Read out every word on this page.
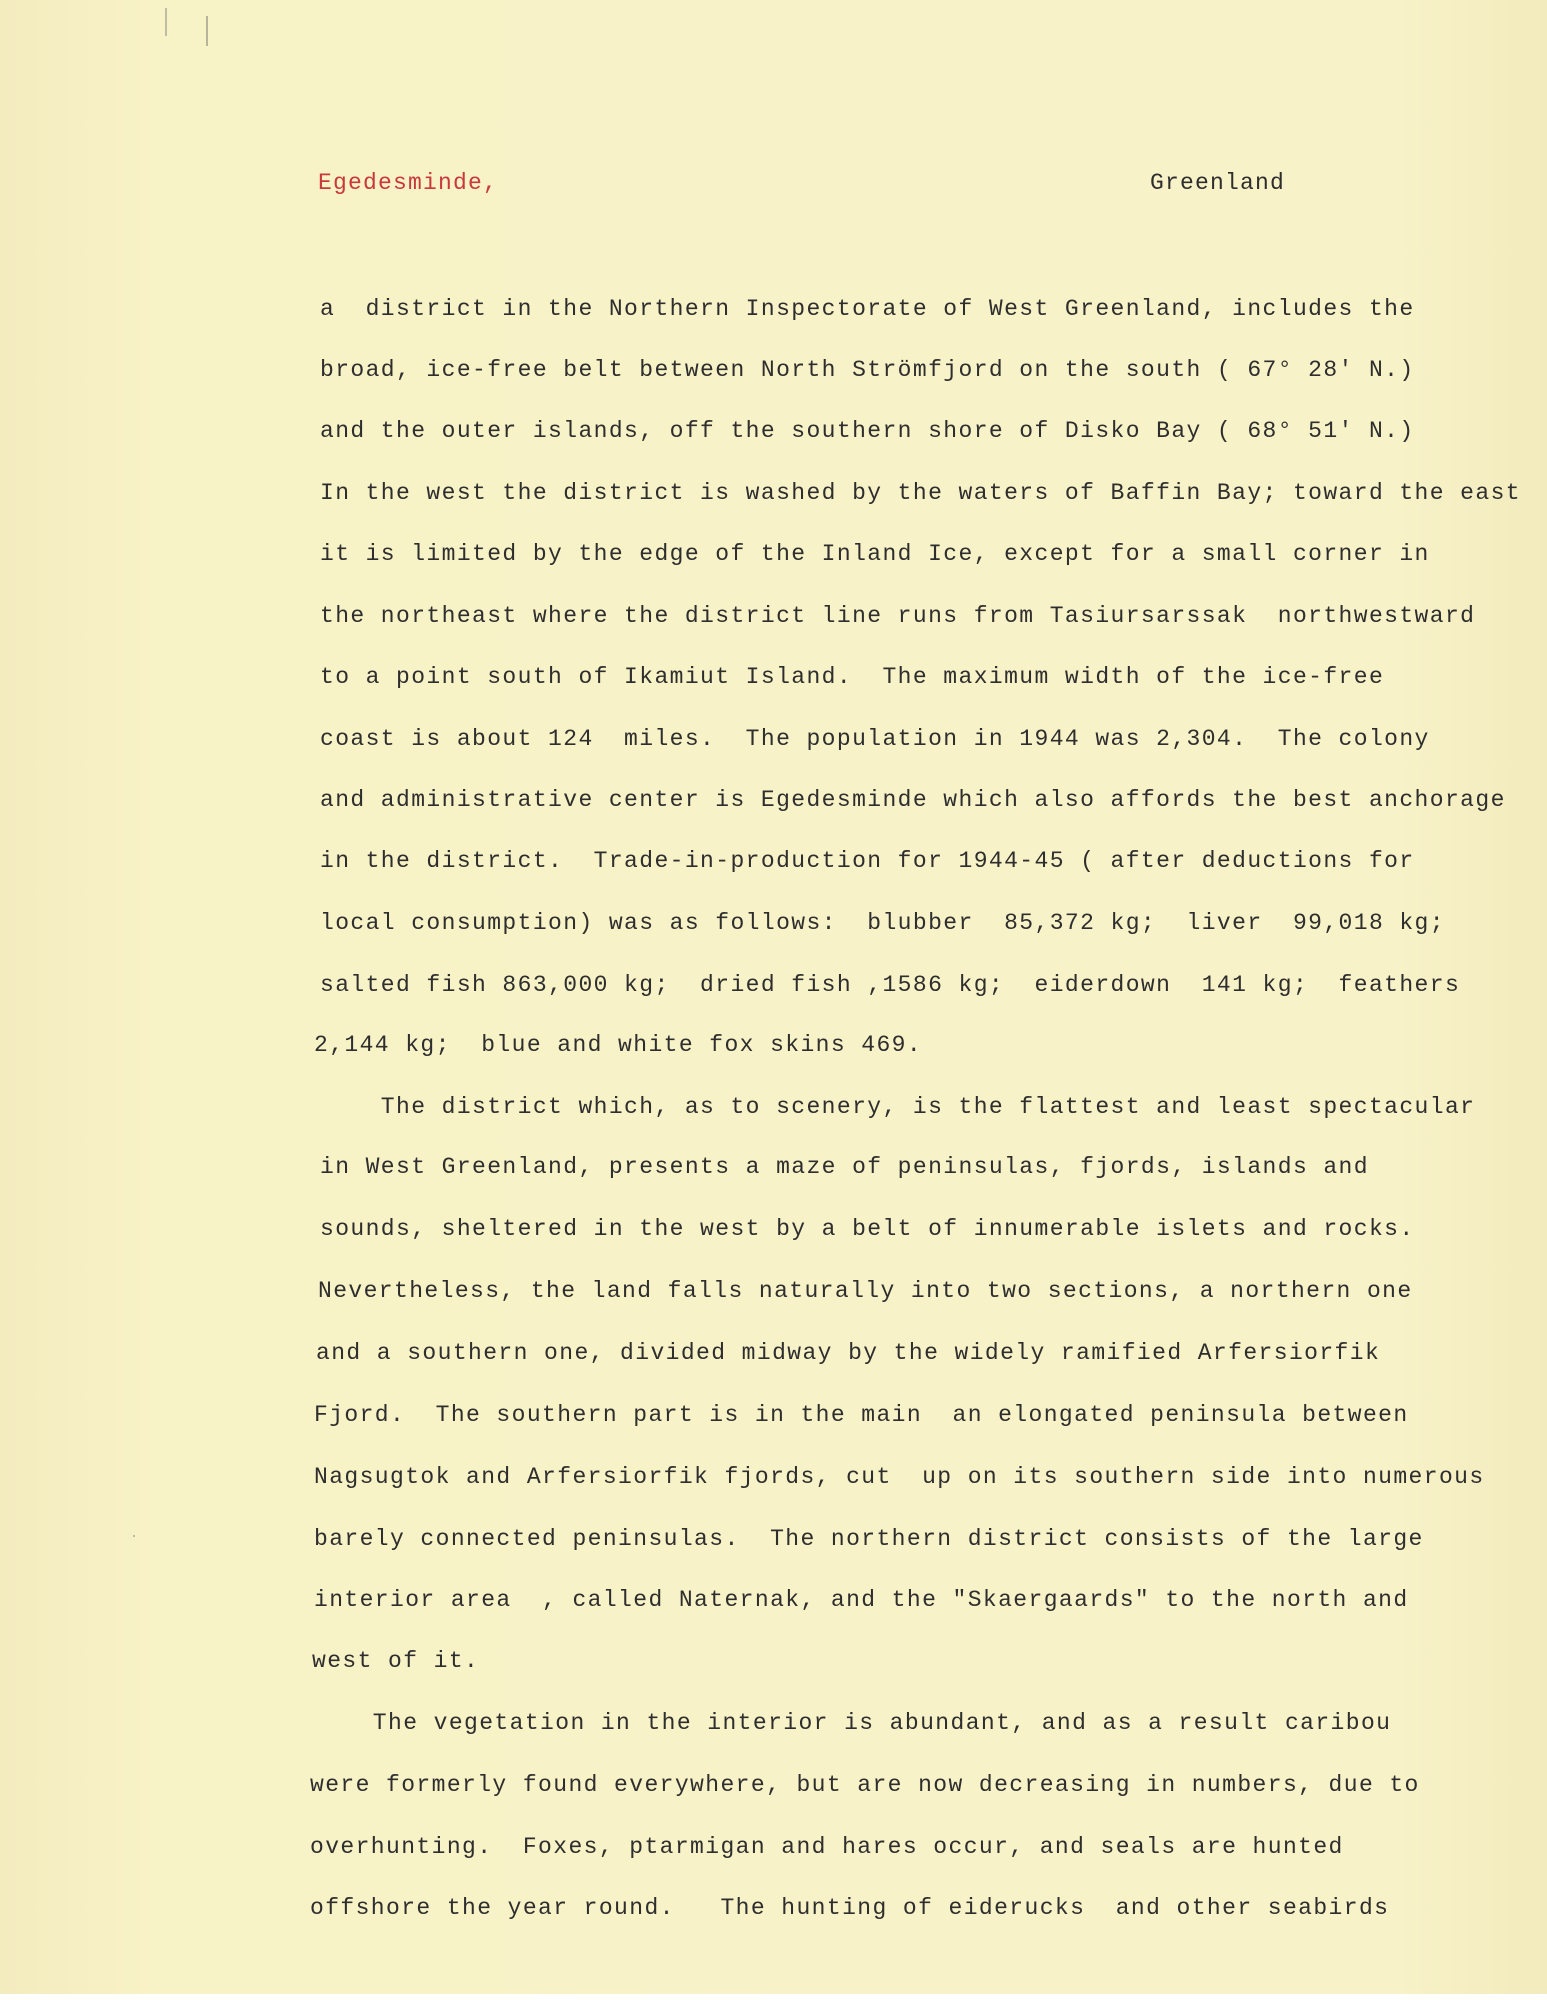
Egedesminde,	Greenland
a  district in the Northern Inspectorate of West Greenland, includes the
broad, ice-free belt between North Strömfjord on the south ( 67° 28' N.)
and the outer islands, off the southern shore of Disko Bay ( 68° 51' N.)
In the west the district is washed by the waters of Baffin Bay; toward the east
it is limited by the edge of the Inland Ice, except for a small corner in
the northeast where the district line runs from Tasiursarssak  northwestward
to a point south of Ikamiut Island.  The maximum width of the ice-free
coast is about 124  miles.  The population in 1944 was 2,304.  The colony
and administrative center is Egedesminde which also affords the best anchorage
in the district.  Trade-in-production for 1944-45 ( after deductions for
local consumption) was as follows:  blubber  85,372 kg;  liver  99,018 kg;
salted fish 863,000 kg;  dried fish ,1586 kg;  eiderdown  141 kg;  feathers
2,144 kg;  blue and white fox skins 469.
The district which, as to scenery, is the flattest and least spectacular
in West Greenland, presents a maze of peninsulas, fjords, islands and
sounds, sheltered in the west by a belt of innumerable islets and rocks.
Nevertheless, the land falls naturally into two sections, a northern one
and a southern one, divided midway by the widely ramified Arfersiorfik
Fjord.  The southern part is in the main  an elongated peninsula between
Nagsugtok and Arfersiorfik fjords, cut  up on its southern side into numerous
barely connected peninsulas.  The northern district consists of the large
interior area  , called Naternak, and the "Skaergaards" to the north and
west of it.
The vegetation in the interior is abundant, and as a result caribou
were formerly found everywhere, but are now decreasing in numbers, due to
overhunting.  Foxes, ptarmigan and hares occur, and seals are hunted
offshore the year round.   The hunting of eiderucks  and other seabirds
